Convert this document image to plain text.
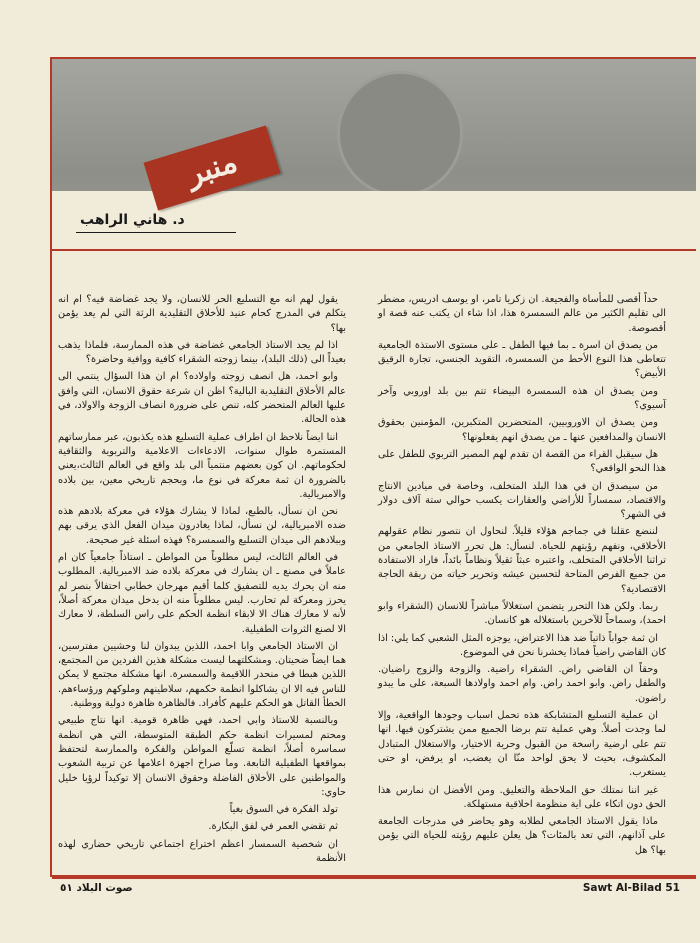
منبر
د. هاني الراهب

حداً أقصى للمأساة والفجيعة. ان زكريا تامر، او يوسف ادريس، مضطر الى تقليم الكثير من عالم السمسرة هذا، اذا شاء ان يكتب عنه قصة او أقصوصة.

من يصدق ان اسرة ـ بما فيها الطفل ـ على مستوى الاستذة الجامعية تتعاطى هذا النوع الأحط من السمسرة، التقويد الجنسي، تجارة الرقيق الأبيض؟

ومن يصدق ان هذه السمسرة البيضاء تتم بين بلد اوروبي وآخر آسيوي؟

ومن يصدق ان الاوروبيين، المتحضرين المتكبرين، المؤمنين بحقوق الانسان والمدافعين عنها ـ من يصدق انهم يفعلونها؟

هل سيقبل القراء من القصة ان تقدم لهم المصير التربوي للطفل على هذا النحو الواقعي؟

من سيصدق ان في هذا البلد المتخلف، وخاصة في ميادين الانتاج والاقتصاد، سمساراً للأراضي والعقارات يكسب حوالي ستة آلاف دولار في الشهر؟

لننضع عقلنا في جماجم هؤلاء قليلاً. لنحاول ان نتصور نظام عقولهم الأخلاقي، ونفهم رؤيتهم للحياة. لنسأل: هل تحرر الاستاذ الجامعي من تراثنا الأخلاقي المتخلف، واعتبره عبثاً ثقيلاً ونظاماً بائداً، فاراد الاستفادة من جميع الفرص المتاحة لتحسين عيشه وتحرير حياته من ربقة الحاجة الاقتصادية؟

ربما. ولكن هذا التحرر يتضمن استغلالاً مباشراً للانسان (الشقراء وابو احمد)، وسماحاً للآخرين باستغلاله هو كانسان.

ان ثمة جواباً ذاتياً ضد هذا الاعتراض، يوجزه المثل الشعبي كما يلي: اذا كان القاضي راضياً فماذا يخشرنا نحن في الموضوع.

وحقاً ان القاضي راض. الشقراء راضية. والزوجة والزوج راضيان. والطفل راض. وابو احمد راض. وام احمد واولادها السبعة، على ما يبدو راضون.

ان عملية التسليع المتشابكة هذه تحمل اسباب وجودها الواقعية، وإلا لما وجدت أصلاً. وهي عملية تتم برضا الجميع ممن يشتركون فيها. انها تتم على ارضية راسخة من القبول وحرية الاختيار، والاستغلال المتبادل المكشوف، بحيث لا يحق لواحد منّا ان يغضب، او يرفض، او حتى يستغرب.

غير اننا نمتلك حق الملاحظة والتعليق. ومن الأفضل ان نمارس هذا الحق دون اتكاء على اية منظومة اخلاقية مستهلكة.

ماذا يقول الاستاذ الجامعي لطلابه وهو يحاضر في مدرجات الجامعة على آذانهم، التي تعد بالمئات؟ هل يعلن عليهم رؤيته للحياة التي يؤمن بها؟ هل

يقول لهم انه مع التسليع الحر للانسان، ولا يجد غضاضة فيه؟ ام انه يتكلم في المدرج كحام عنيد للأخلاق التقليدية الرثة التي لم يعد يؤمن بها؟

اذا لم يجد الاستاذ الجامعي غضاضة في هذه الممارسة، فلماذا يذهب بعيداً الى (ذلك البلد)، بينما زوجته الشقراء كافية ووافية وحاضرة؟

وابو احمد، هل انصف زوجته واولاده؟ ام ان هذا السؤال ينتمي الى عالم الأخلاق التقليدية البالية؟ اظن ان شرعة حقوق الانسان، التي وافق عليها العالم المتحضر كله، تنص على ضرورة انصاف الزوجة والاولاد، في هذه الحالة.

اننا ايضاً نلاحظ ان اطراف عملية التسليع هذه يكذبون، عبر ممارساتهم المستمرة طوال سنوات، الادعاءات الاعلامية والتربوية والثقافية لحكوماتهم. ان كون بعضهم منتمياً الى بلد واقع في العالم الثالث،يعني بالضرورة ان ثمة معركة في نوع ما، وبحجم تاريخي معين، بين بلاده والامبريالية.

نحن ان نسأل، بالطبع، لماذا لا يشارك هؤلاء في معركة بلادهم هذه ضده الامبريالية، لن نسأل، لماذا يغادرون ميدان الفعل الذي يرقى بهم وببلادهم الى ميدان التسليع والسمسرة؟ فهذه اسئلة غير صحيحة.

في العالم الثالث، ليس مطلوباً من المواطن ـ استاذاً جامعياً كان ام عاملاً في مصنع ـ ان يشارك في معركة بلاده ضد الامبريالية. المطلوب منه ان يحرك يديه للتصفيق كلما أقيم مهرجان خطابي احتفالاً بنصر لم يحرز ومعركة لم تحارب. ليس مطلوباً منه ان يدخل ميدان معركة أصلاً، لأنه لا معارك هناك الا لابقاء انظمة الحكم على راس السلطة، لا معارك الا لصنع الثروات الطفيلية.

ان الاستاذ الجامعي وابا احمد، اللذين يبدوان لنا وحشيين مفترسين، هما ايضاً ضحيتان. ومشكلتهما ليست مشكلة هذين الفردين من المجتمع، اللذين هبطا في منحدر اللاقيمة والسمسرة. انها مشكلة مجتمع لا يمكن للناس فيه الا ان يشاكلوا انظمة حكمهم، سلاطينهم وملوكهم ورؤساءهم. الخطأ القاتل هو الحكم عليهم كأفراد. فالظاهرة ظاهرة دولية ووطنية.

وبالنسبة للاستاذ وابي احمد، فهي ظاهرة قومية. انها نتاج طبيعي ومحتم لمسيرات انظمة حكم الطبقة المتوسطة، التي هي انظمة سماسرة أصلاً، انظمة تسلّع المواطن والفكرة والممارسة لتحتفظ بمواقعها الطفيلية التابعة. وما صراخ اجهزة اعلامها عن تربية الشعوب والمواطنين على الأخلاق الفاضلة وحقوق الانسان إلا توكيداً لرؤيا خليل حاوي:

تولد الفكرة في السوق بغياً

ثم تقضي العمر في لفق البكارة.

ان شخصية السمسار اعظم اختراع اجتماعي تاريخي حضاري لهذه الأنظمة

Sawt Al-Bilad 51
صوت البلاد ٥١
